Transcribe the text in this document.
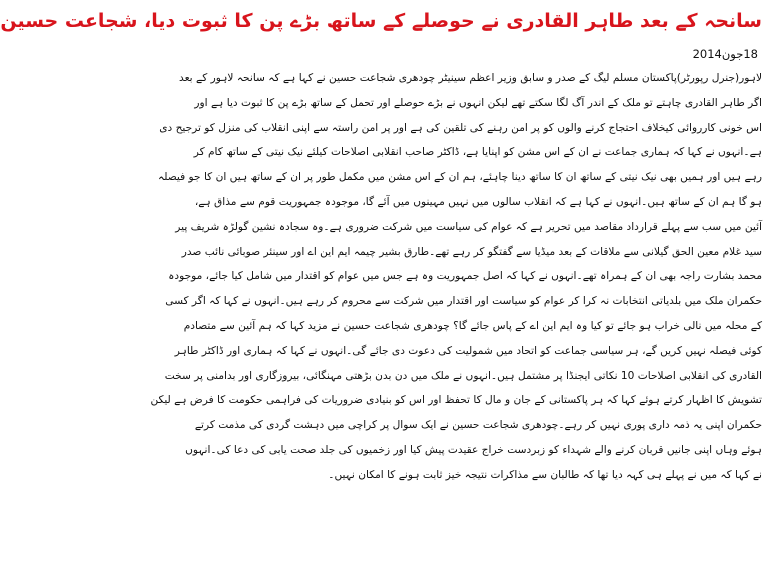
سانحہ کے بعد طاہر القادری نے حوصلے کے ساتھ بڑے پن کا ثبوت دیا، شجاعت حسین
18جون2014
لاہور(جنرل رپورٹر)پاکستان مسلم لیگ کے صدر و سابق وزیر اعظم سینیٹر چودھری شجاعت حسین نے کہا ہے کہ سانحہ لاہور کے بعد
اگر طاہر القادری چاہتے تو ملک کے اندر آگ لگا سکتے تھے لیکن انہوں نے بڑے حوصلے اور تحمل کے ساتھ بڑے پن کا ثبوت دیا ہے اور
اس خونی کارروائی کیخلاف احتجاج کرنے والوں کو پر امن رہنے کی تلقین کی ہے اور پر امن راستہ سے اپنی انقلاب کی منزل کو ترجیح دی
ہے۔انہوں نے کہا کہ ہماری جماعت نے ان کے اس مشن کو اپنایا ہے، ڈاکٹر صاحب انقلابی اصلاحات کیلئے نیک نیتی کے ساتھ کام کر
رہے ہیں اور ہمیں بھی نیک نیتی کے ساتھ ان کا ساتھ دینا چاہئے، ہم ان کے اس مشن میں مکمل طور پر ان کے ساتھ ہیں ان کا جو فیصلہ
ہو گا ہم ان کے ساتھ ہیں۔انہوں نے کہا ہے کہ انقلاب سالوں میں نہیں مہینوں میں آئے گا، موجودہ جمہوریت قوم سے مذاق ہے،
آئین میں سب سے پہلے قرارداد مقاصد میں تحریر ہے کہ عوام کی سیاست میں شرکت ضروری ہے۔وہ سجادہ نشین گولڑہ شریف پیر
سید غلام معین الحق گیلانی سے ملاقات کے بعد میڈیا سے گفتگو کر رہے تھے۔طارق بشیر چیمہ ایم این اے اور سینئر صوبائی نائب صدر
محمد بشارت راجہ بھی ان کے ہمراہ تھے۔انہوں نے کہا کہ اصل جمہوریت وہ ہے جس میں عوام کو اقتدار میں شامل کیا جائے، موجودہ
حکمران ملک میں بلدیاتی انتخابات نہ کرا کر عوام کو سیاست اور اقتدار میں شرکت سے محروم کر رہے ہیں۔انہوں نے کہا کہ اگر کسی
کے محلہ میں نالی خراب ہو جائے تو کیا وہ ایم این اے کے پاس جائے گا؟ چودھری شجاعت حسین نے مزید کہا کہ ہم آئین سے متصادم
کوئی فیصلہ نہیں کریں گے، ہر سیاسی جماعت کو اتحاد میں شمولیت کی دعوت دی جائے گی۔انہوں نے کہا کہ ہماری اور ڈاکٹر طاہر
القادری کی انقلابی اصلاحات 10 نکاتی ایجنڈا پر مشتمل ہیں۔انہوں نے ملک میں دن بدن بڑھتی مہنگائی، بیروزگاری اور بدامنی پر سخت
تشویش کا اظہار کرتے ہوئے کہا کہ ہر پاکستانی کے جان و مال کا تحفظ اور اس کو بنیادی ضروریات کی فراہمی حکومت کا فرض ہے لیکن
حکمران اپنی یہ ذمہ داری پوری نہیں کر رہے۔چودھری شجاعت حسین نے ایک سوال پر کراچی میں دہشت گردی کی مذمت کرتے
ہوئے وہاں اپنی جانیں قربان کرنے والے شہداء کو زبردست خراج عقیدت پیش کیا اور زخمیوں کی جلد صحت یابی کی دعا کی۔انہوں
نے کہا کہ میں نے پہلے ہی کہہ دیا تھا کہ طالبان سے مذاکرات نتیجہ خیز ثابت ہونے کا امکان نہیں۔
